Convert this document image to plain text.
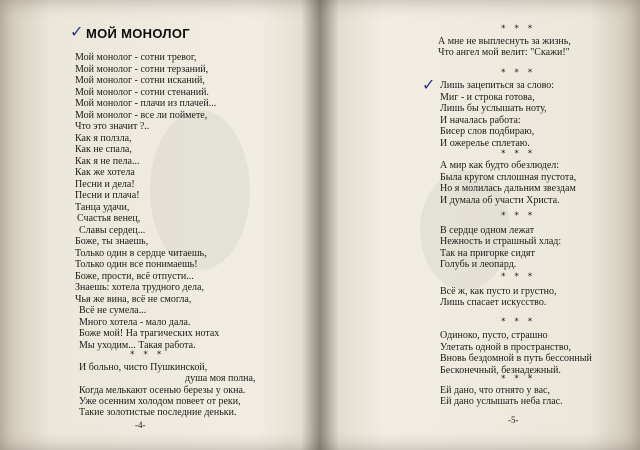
✓ МОЙ МОНОЛОГ
Мой монолог - сотни тревог,
Мой монолог - сотни терзаний,
Мой монолог - сотни исканий,
Мой монолог - сотни стенаний.
Мой монолог - плачи из плачей...
Мой монолог - все ли поймете,
Что это значит ?..
Как я ползла,
Как не спала,
Как я не пела...
Как же хотела
Песни и дела!
Песни и плача!
Танца удачи,
Счастья венец,
Славы сердец...
Боже, ты знаешь,
Только один в сердце читаешь,
Только один все понимаешь!
Боже, прости, всё отпусти...
Знаешь: хотела трудного дела,
Чья же вина, всё не смогла,
Всё не сумела...
Много хотела - мало дала.
Боже мой! На трагических нотах
Мы уходим... Такая работа.
* * *
И больно, чисто Пушкинской,
душа моя полна,
Когда мелькают осенью березы у окна.
Уже осенним холодом повеет от реки,
Такие золотистые последние деньки.
-4-
* * *
А мне не выплеснуть за жизнь,
Что ангел мой велит: "Скажи!"
* * *
✓ Лишь зацепиться за слово:
Миг - и строка готова,
Лишь бы услышать ноту,
И началась работа:
Бисер слов подбираю,
И ожерелье сплетаю.
* * *
А мир как будто обезлюдел:
Была кругом сплошная пустота,
Но я молилась дальним звездам
И думала об участи Христа.
* * *
В сердце одном лежат
Нежность и страшный хлад:
Так на пригорке сидят
Голубь и леопард.
* * *
Всё ж, как пусто и грустно,
Лишь спасает искусство.
* * *
Одиноко, пусто, страшно
Улетать одной в пространство,
Вновь бездомной в путь бессонный
Бесконечный, безнадежный.
* * *
Ей дано, что отнято у вас,
Ей дано услышать неба глас.
-5-
